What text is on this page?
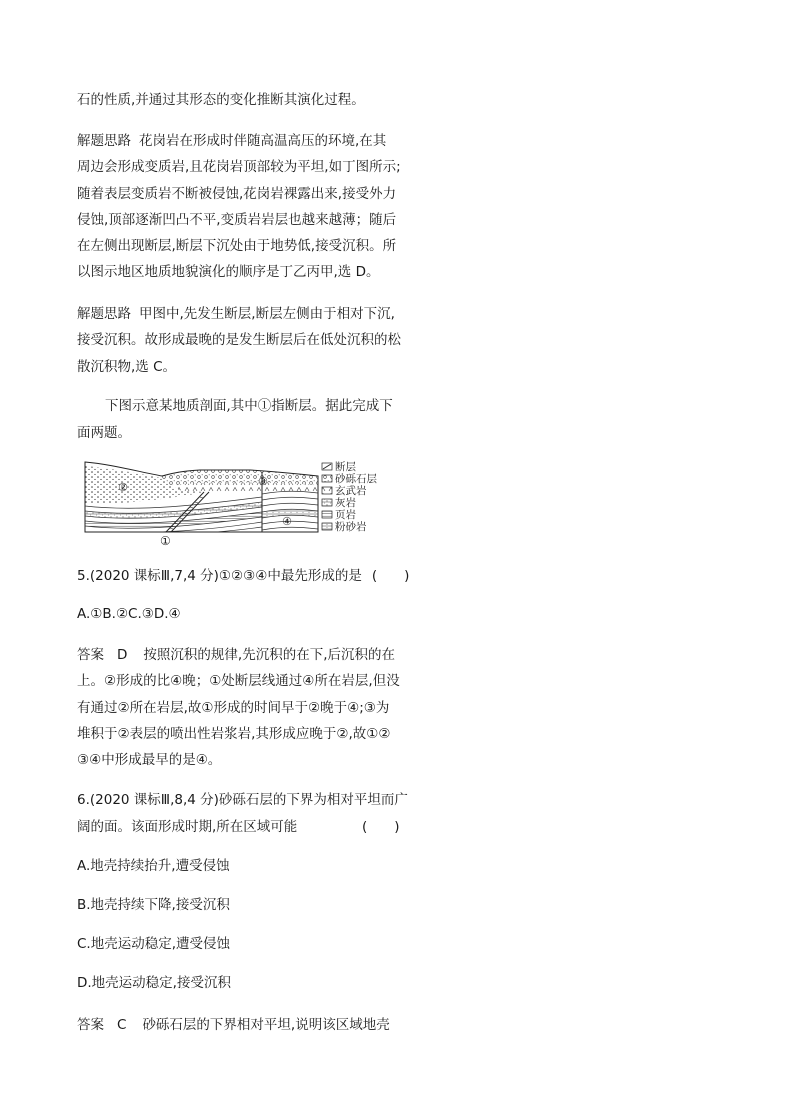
石的性质,并通过其形态的变化推断其演化过程。
解题思路 花岗岩在形成时伴随高温高压的环境,在其
周边会形成变质岩,且花岗岩顶部较为平坦,如丁图所示;
随着表层变质岩不断被侵蚀,花岗岩裸露出来,接受外力
侵蚀,顶部逐渐凹凸不平,变质岩岩层也越来越薄；随后
在左侧出现断层,断层下沉处由于地势低,接受沉积。所
以图示地区地质地貌演化的顺序是丁乙丙甲,选 D。
解题思路 甲图中,先发生断层,断层左侧由于相对下沉,
接受沉积。故形成最晚的是发生断层后在低处沉积的松
散沉积物,选 C。
下图示意某地质剖面,其中①指断层。据此完成下
面两题。
②	③
④
①
断层
砂砾石层
玄武岩
灰岩
页岩
粉砂岩
5.(2020 课标Ⅲ,7,4 分)①②③④中最先形成的是 (　　)
A.①B.②C.③D.④
答案 D 按照沉积的规律,先沉积的在下,后沉积的在
上。②形成的比④晚；①处断层线通过④所在岩层,但没
有通过②所在岩层,故①形成的时间早于②晚于④;③为
堆积于②表层的喷出性岩浆岩,其形成应晚于②,故①②
③④中形成最早的是④。
6.(2020 课标Ⅲ,8,4 分)砂砾石层的下界为相对平坦而广
阔的面。该面形成时期,所在区域可能	(　　)
A.地壳持续抬升,遭受侵蚀
B.地壳持续下降,接受沉积
C.地壳运动稳定,遭受侵蚀
D.地壳运动稳定,接受沉积
答案 C 砂砾石层的下界相对平坦,说明该区域地壳
